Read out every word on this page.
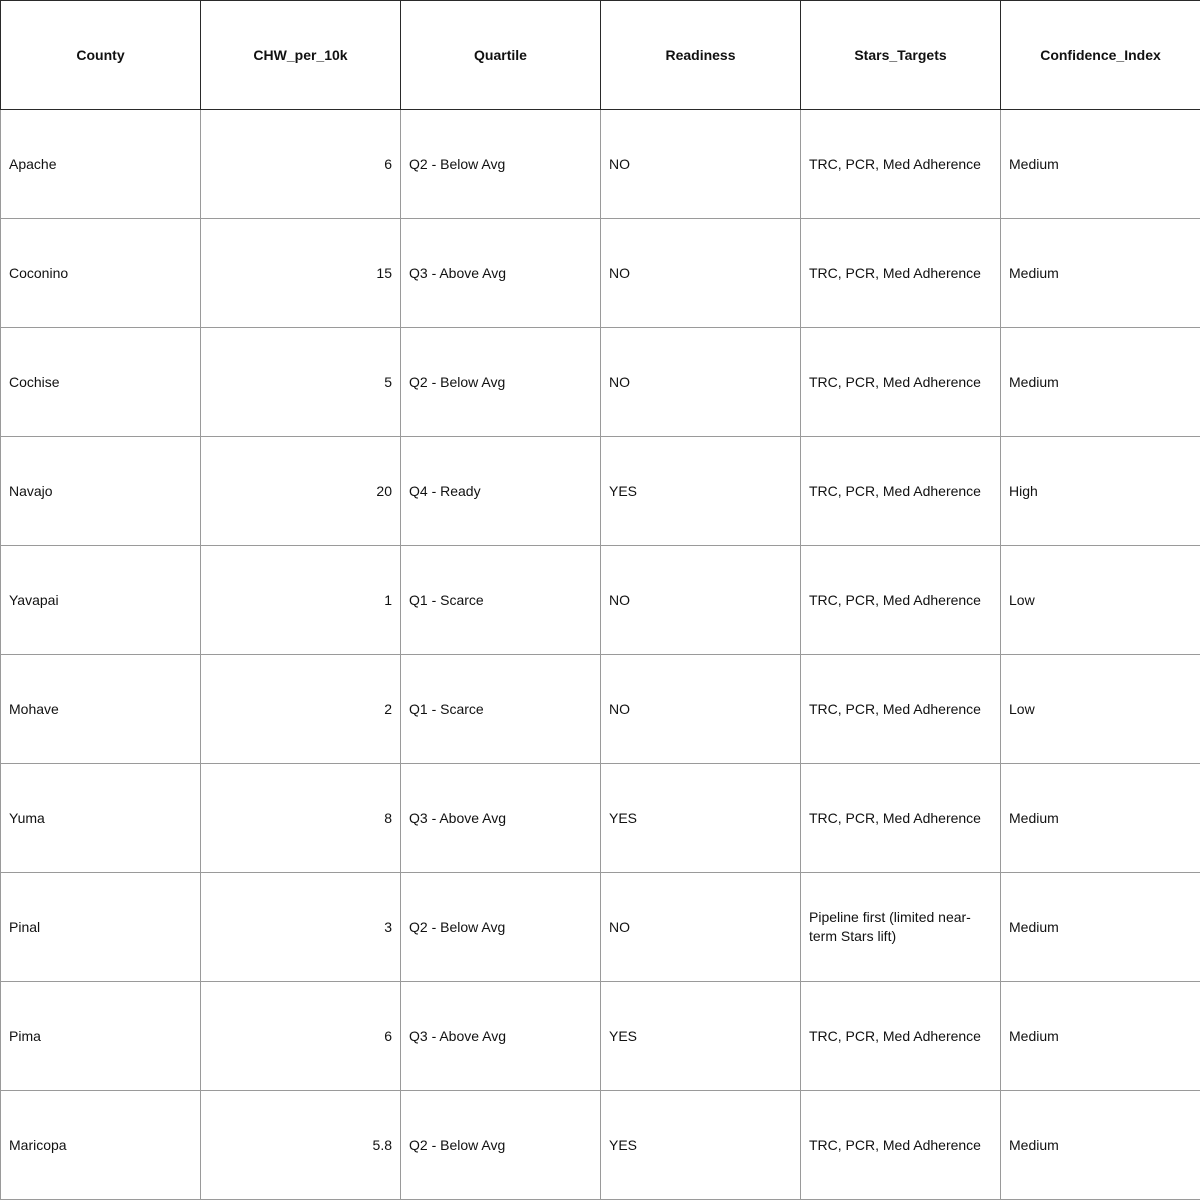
County	CHW_per_10k	Quartile	Readiness	Stars_Targets	Confidence_Index
Apache	6	Q2 - Below Avg	NO	TRC, PCR, Med Adherence	Medium
Coconino	15	Q3 - Above Avg	NO	TRC, PCR, Med Adherence	Medium
Cochise	5	Q2 - Below Avg	NO	TRC, PCR, Med Adherence	Medium
Navajo	20	Q4 - Ready	YES	TRC, PCR, Med Adherence	High
Yavapai	1	Q1 - Scarce	NO	TRC, PCR, Med Adherence	Low
Mohave	2	Q1 - Scarce	NO	TRC, PCR, Med Adherence	Low
Yuma	8	Q3 - Above Avg	YES	TRC, PCR, Med Adherence	Medium
Pinal	3	Q2 - Below Avg	NO	Pipeline first (limited near-term Stars lift)	Medium
Pima	6	Q3 - Above Avg	YES	TRC, PCR, Med Adherence	Medium
Maricopa	5.8	Q2 - Below Avg	YES	TRC, PCR, Med Adherence	Medium
